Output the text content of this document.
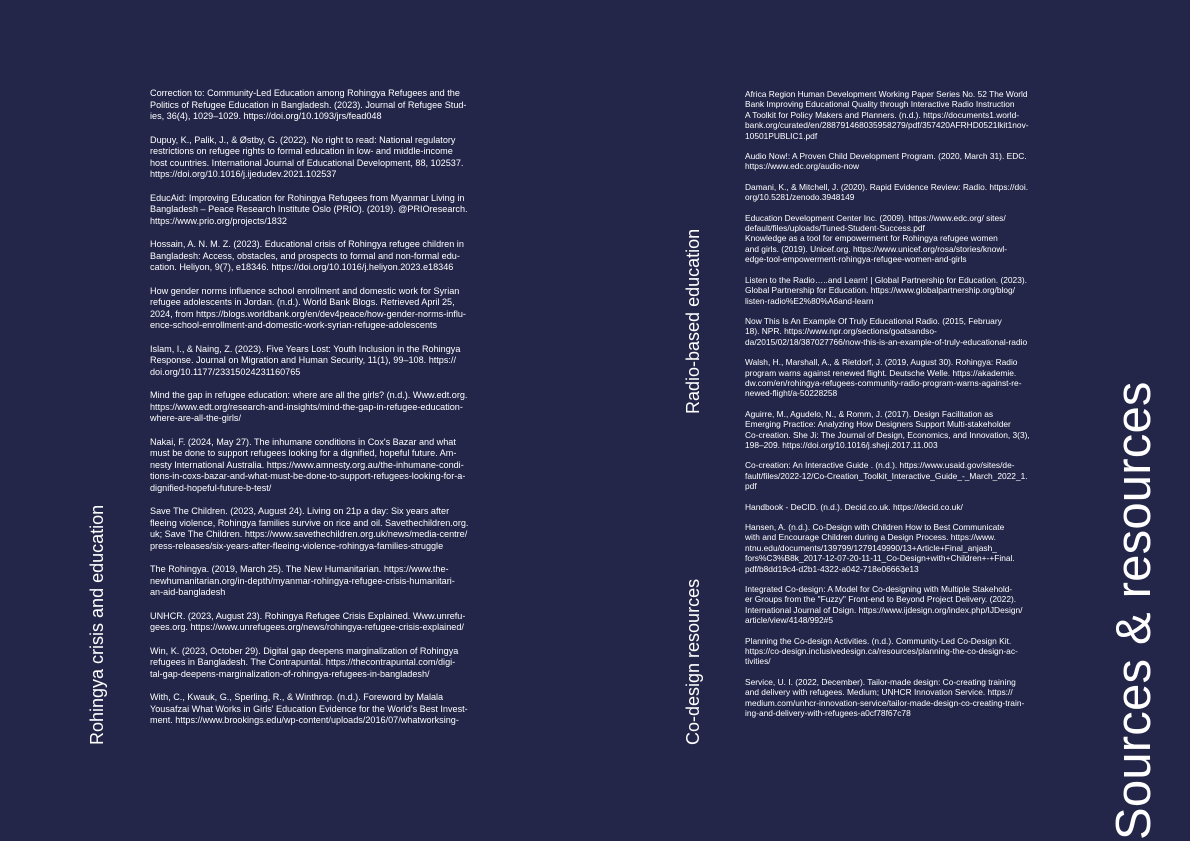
Rohingya crisis and education
Radio-based education
Co-design resources	Sources & resources

Correction to: Community-Led Education among Rohingya Refugees and the
Politics of Refugee Education in Bangladesh. (2023). Journal of Refugee Stud-
ies, 36(4), 1029–1029. https://doi.org/10.1093/jrs/fead048

Dupuy, K., Palik, J., & Østby, G. (2022). No right to read: National regulatory
restrictions on refugee rights to formal education in low- and middle-income
host countries. International Journal of Educational Development, 88, 102537.
https://doi.org/10.1016/j.ijedudev.2021.102537

EducAid: Improving Education for Rohingya Refugees from Myanmar Living in
Bangladesh – Peace Research Institute Oslo (PRIO). (2019). @PRIOresearch.
https://www.prio.org/projects/1832

Hossain, A. N. M. Z. (2023). Educational crisis of Rohingya refugee children in
Bangladesh: Access, obstacles, and prospects to formal and non-formal edu-
cation. Heliyon, 9(7), e18346. https://doi.org/10.1016/j.heliyon.2023.e18346

How gender norms influence school enrollment and domestic work for Syrian
refugee adolescents in Jordan. (n.d.). World Bank Blogs. Retrieved April 25,
2024, from https://blogs.worldbank.org/en/dev4peace/how-gender-norms-influ-
ence-school-enrollment-and-domestic-work-syrian-refugee-adolescents

Islam, I., & Naing, Z. (2023). Five Years Lost: Youth Inclusion in the Rohingya
Response. Journal on Migration and Human Security, 11(1), 99–108. https://
doi.org/10.1177/23315024231160765

Mind the gap in refugee education: where are all the girls? (n.d.). Www.edt.org.
https://www.edt.org/research-and-insights/mind-the-gap-in-refugee-education-
where-are-all-the-girls/

Nakai, F. (2024, May 27). The inhumane conditions in Cox's Bazar and what
must be done to support refugees looking for a dignified, hopeful future. Am-
nesty International Australia. https://www.amnesty.org.au/the-inhumane-condi-
tions-in-coxs-bazar-and-what-must-be-done-to-support-refugees-looking-for-a-
dignified-hopeful-future-b-test/

Save The Children. (2023, August 24). Living on 21p a day: Six years after
fleeing violence, Rohingya families survive on rice and oil. Savethechildren.org.
uk; Save The Children. https://www.savethechildren.org.uk/news/media-centre/
press-releases/six-years-after-fleeing-violence-rohingya-families-struggle

The Rohingya. (2019, March 25). The New Humanitarian. https://www.the-
newhumanitarian.org/in-depth/myanmar-rohingya-refugee-crisis-humanitari-
an-aid-bangladesh

UNHCR. (2023, August 23). Rohingya Refugee Crisis Explained. Www.unrefu-
gees.org. https://www.unrefugees.org/news/rohingya-refugee-crisis-explained/

Win, K. (2023, October 29). Digital gap deepens marginalization of Rohingya
refugees in Bangladesh. The Contrapuntal. https://thecontrapuntal.com/digi-
tal-gap-deepens-marginalization-of-rohingya-refugees-in-bangladesh/

With, C., Kwauk, G., Sperling, R., & Winthrop. (n.d.). Foreword by Malala
Yousafzai What Works in Girls' Education Evidence for the World's Best Invest-
ment. https://www.brookings.edu/wp-content/uploads/2016/07/whatworksing-

Africa Region Human Development Working Paper Series No. 52 The World
Bank Improving Educational Quality through Interactive Radio Instruction
A Toolkit for Policy Makers and Planners. (n.d.). https://documents1.world-
bank.org/curated/en/288791468035958279/pdf/357420AFRHD0521lkit1nov-
10501PUBLIC1.pdf

Audio Now!: A Proven Child Development Program. (2020, March 31). EDC.
https://www.edc.org/audio-now

Damani, K., & Mitchell, J. (2020). Rapid Evidence Review: Radio. https://doi.
org/10.5281/zenodo.3948149

Education Development Center Inc. (2009). https://www.edc.org/ sites/
default/files/uploads/Tuned-Student-Success.pdf
Knowledge as a tool for empowerment for Rohingya refugee women
and girls. (2019). Unicef.org. https://www.unicef.org/rosa/stories/knowl-
edge-tool-empowerment-rohingya-refugee-women-and-girls

Listen to the Radio…..and Learn! | Global Partnership for Education. (2023).
Global Partnership for Education. https://www.globalpartnership.org/blog/
listen-radio%E2%80%A6and-learn

Now This Is An Example Of Truly Educational Radio. (2015, February
18). NPR. https://www.npr.org/sections/goatsandso-
da/2015/02/18/387027766/now-this-is-an-example-of-truly-educational-radio

Walsh, H., Marshall, A., & Rietdorf, J. (2019, August 30). Rohingya: Radio
program warns against renewed flight. Deutsche Welle. https://akademie.
dw.com/en/rohingya-refugees-community-radio-program-warns-against-re-
newed-flight/a-50228258

Aguirre, M., Agudelo, N., & Romm, J. (2017). Design Facilitation as
Emerging Practice: Analyzing How Designers Support Multi-stakeholder
Co-creation. She Ji: The Journal of Design, Economics, and Innovation, 3(3),
198–209. https://doi.org/10.1016/j.sheji.2017.11.003

Co-creation: An Interactive Guide . (n.d.). https://www.usaid.gov/sites/de-
fault/files/2022-12/Co-Creation_Toolkit_Interactive_Guide_-_March_2022_1.
pdf

Handbook - DeCID. (n.d.). Decid.co.uk. https://decid.co.uk/

Hansen, A. (n.d.). Co-Design with Children How to Best Communicate
with and Encourage Children during a Design Process. https://www.
ntnu.edu/documents/139799/1279149990/13+Article+Final_anjash_
fors%C3%B8k_2017-12-07-20-11-11_Co-Design+with+Children+-+Final.
pdf/b8dd19c4-d2b1-4322-a042-718e06663e13

Integrated Co-design: A Model for Co-designing with Multiple Stakehold-
er Groups from the "Fuzzy" Front-end to Beyond Project Delivery. (2022).
International Journal of Dsign. https://www.ijdesign.org/index.php/IJDesign/
article/view/4148/992#5

Planning the Co-design Activities. (n.d.). Community-Led Co-Design Kit.
https://co-design.inclusivedesign.ca/resources/planning-the-co-design-ac-
tivities/

Service, U. I. (2022, December). Tailor-made design: Co-creating training
and delivery with refugees. Medium; UNHCR Innovation Service. https://
medium.com/unhcr-innovation-service/tailor-made-design-co-creating-train-
ing-and-delivery-with-refugees-a0cf78f67c78
